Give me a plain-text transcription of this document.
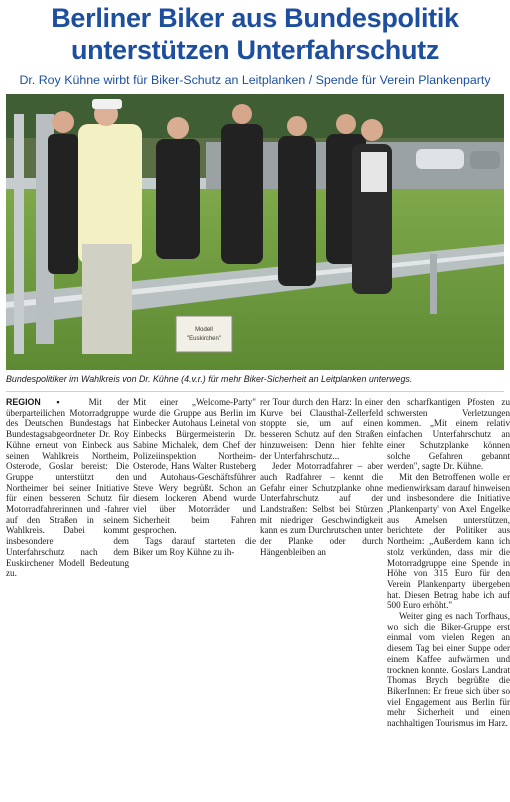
Berliner Biker aus Bundespolitik unterstützen Unterfahrschutz
Dr. Roy Kühne wirbt für Biker-Schutz an Leitplanken / Spende für Verein Plankenparty
Modell
"Euskirchen"
Bundespolitiker im Wahlkreis von Dr. Kühne (4.v.r.) für mehr Biker-Sicherheit an Leitplanken unterwegs.

REGION ▪ Mit der überparteilichen Motorradgruppe des Deutschen Bundestags hat Bundestagsabgeordneter Dr. Roy Kühne erneut von Einbeck aus seinen Wahlkreis Northeim, Osterode, Goslar bereist: Die Gruppe unterstützt den Northeimer bei seiner Initiative für einen besseren Schutz für Motorradfahrerinnen und -fahrer auf den Straßen in seinem Wahlkreis. Dabei kommt insbesondere dem Unterfahrschutz nach dem Euskirchener Modell Bedeutung zu.

Mit einer „Welcome-Party" wurde die Gruppe aus Berlin im Einbecker Autohaus Leinetal von Einbecks Bürgermeisterin Dr. Sabine Michalek, dem Chef der Polizeiinspektion Northeim-Osterode, Hans Walter Rusteberg und Autohaus-Geschäftsführer Steve Wery begrüßt. Schon an diesem lockeren Abend wurde viel über Motorräder und Sicherheit beim Fahren gesprochen.

Tags darauf starteten die Biker um Roy Kühne zu ih-

rer Tour durch den Harz: In einer Kurve bei Clausthal-Zellerfeld stoppte sie, um auf einen besseren Schutz auf den Straßen hinzuweisen: Denn hier fehlte der Unterfahrschutz...

Jeder Motorradfahrer – aber auch Radfahrer – kennt die Gefahr einer Schutzplanke ohne Unterfahrschutz auf der Landstraßen: Selbst bei Stürzen mit niedriger Geschwindigkeit kann es zum Durchrutschen unter der Planke oder durch Hängenbleiben an

den scharfkantigen Pfosten zu schwersten Verletzungen kommen. „Mit einem relativ einfachen Unterfahrschutz an einer Schutzplanke können solche Gefahren gebannt werden", sagte Dr. Kühne.

Mit den Betroffenen wolle er medienwirksam darauf hinweisen und insbesondere die Initiative ,Plankenparty' von Axel Engelke aus Amelsen unterstützen, berichtete der Politiker aus Northeim: „Außerdem kann ich stolz verkünden, dass mir die Motorradgruppe eine Spende in Höhe von 315 Euro für den Verein Plankenparty übergeben hat. Diesen Betrag habe ich auf 500 Euro erhöht."

Weiter ging es nach Torfhaus, wo sich die Biker-Gruppe erst einmal vom vielen Regen an diesem Tag bei einer Suppe oder einem Kaffee aufwärmen und trocknen konnte. Goslars Landrat Thomas Brych begrüßte die BikerInnen: Er freue sich über so viel Engagement aus Berlin für mehr Sicherheit und einen nachhaltigen Tourismus im Harz.
